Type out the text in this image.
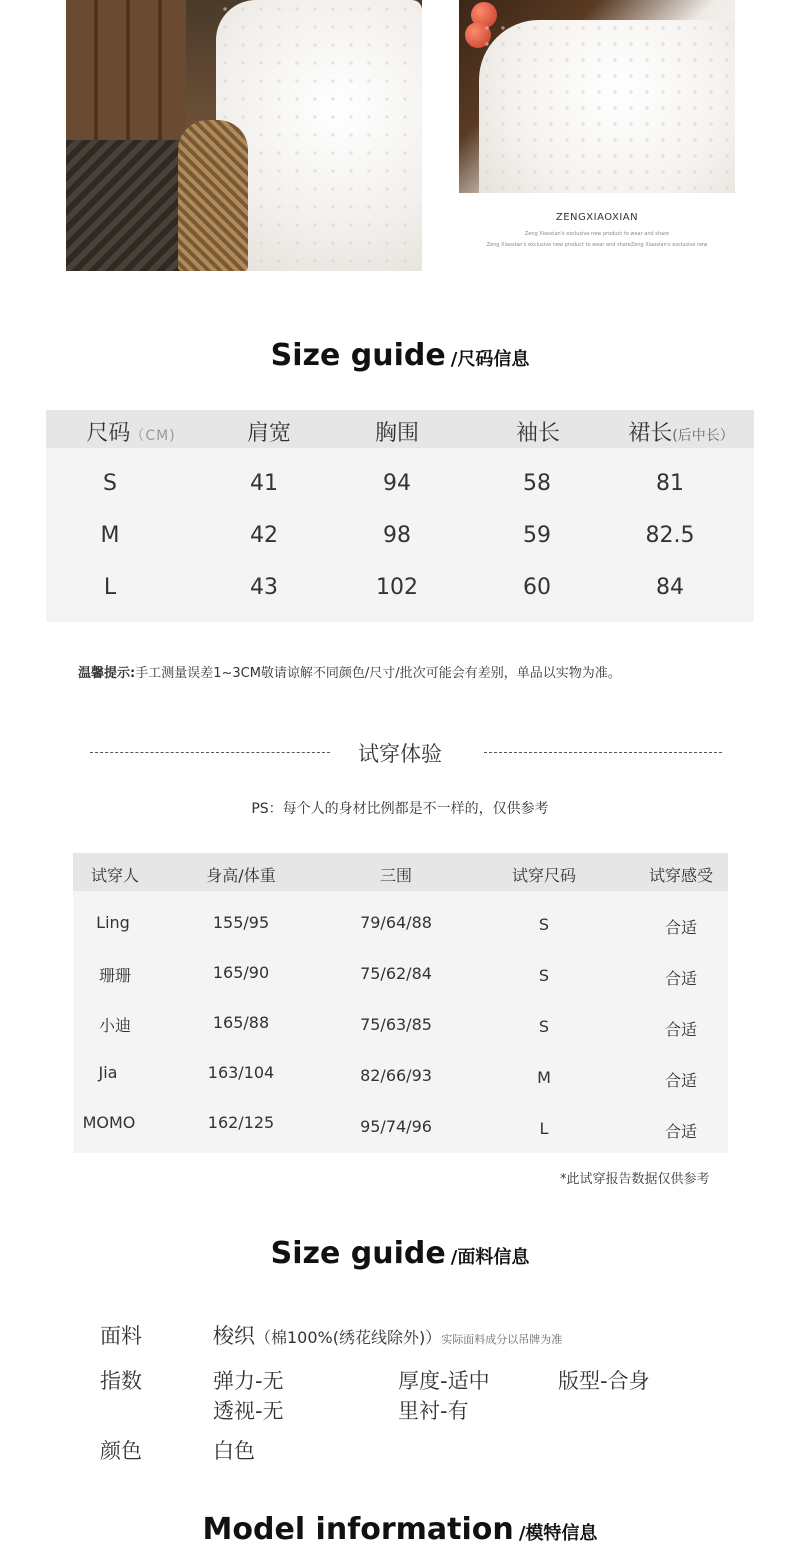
ZENGXIAOXIAN
Zeng Xiaoxian's exclusive new product to wear and share
Zeng Xiaoxian's exclusive new product to wear and shareZeng Xiaoxian's exclusive new
Size guide /尺码信息
尺码（CM)	肩宽	胸围	袖长	裙长(后中长）
S	41	94	58	81
M	42	98	59	82.5
L	43	102	60	84
温馨提示:手工测量误差1~3CM敬请谅解不同颜色/尺寸/批次可能会有差别，单品以实物为准。
试穿体验
PS：每个人的身材比例都是不一样的，仅供参考
试穿人	身高/体重	三围	试穿尺码	试穿感受
Ling	155/95	79/64/88	S	合适
珊珊	165/90	75/62/84	S	合适
小迪	165/88	75/63/85	S	合适
Jia	163/104	82/66/93	M	合适
MOMO	162/125	95/74/96	L	合适
*此试穿报告数据仅供参考
Size guide /面料信息
面料	梭织（棉100%(绣花线除外)）实际面料成分以吊牌为准
指数	弹力-无	厚度-适中	版型-合身
透视-无	里衬-有
颜色	白色
Model information /模特信息
